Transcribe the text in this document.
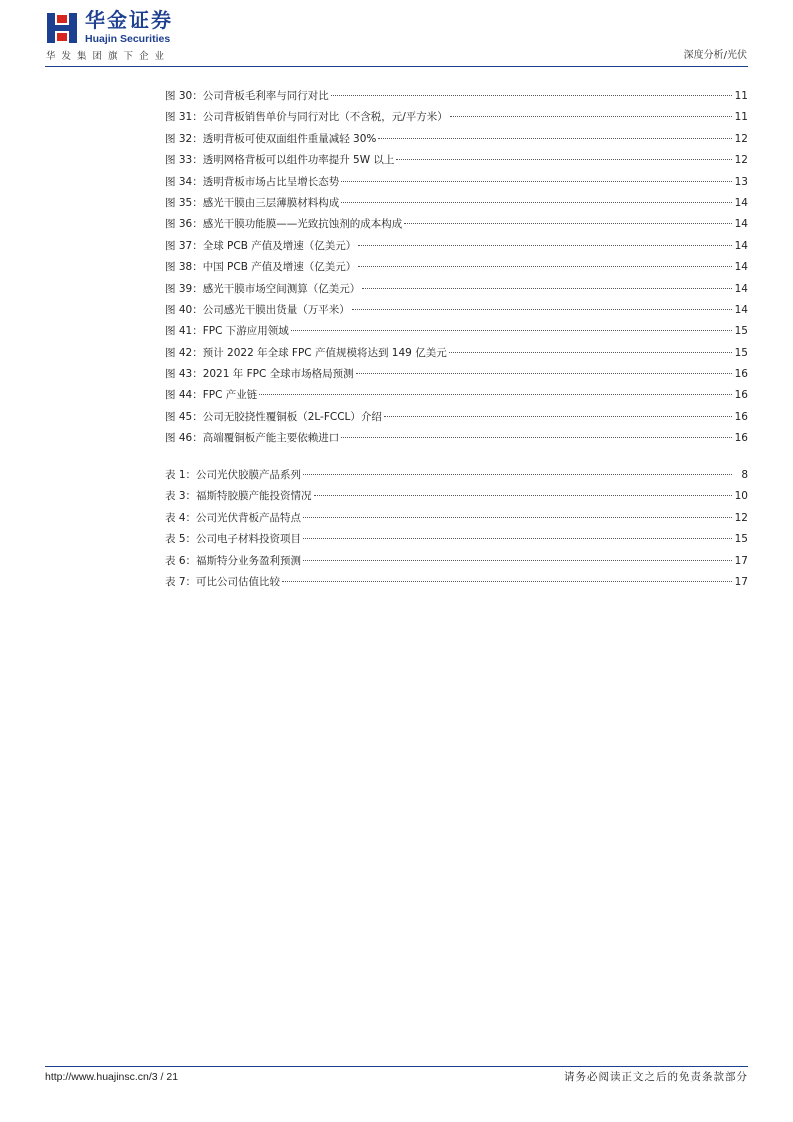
华金证券
Huajin Securities
华发集团旗下企业	深度分析/光伏
图 30：公司背板毛利率与同行对比	11
图 31：公司背板销售单价与同行对比（不含税，元/平方米）	11
图 32：透明背板可使双面组件重量减轻 30%	12
图 33：透明网格背板可以组件功率提升 5W 以上	12
图 34：透明背板市场占比呈增长态势	13
图 35：感光干膜由三层薄膜材料构成	14
图 36：感光干膜功能膜——光致抗蚀剂的成本构成	14
图 37：全球 PCB 产值及增速（亿美元）	14
图 38：中国 PCB 产值及增速（亿美元）	14
图 39：感光干膜市场空间测算（亿美元）	14
图 40：公司感光干膜出货量（万平米）	14
图 41：FPC 下游应用领域	15
图 42：预计 2022 年全球 FPC 产值规模将达到 149 亿美元	15
图 43：2021 年 FPC 全球市场格局预测	16
图 44：FPC 产业链	16
图 45：公司无胶挠性覆铜板（2L-FCCL）介绍	16
图 46：高端覆铜板产能主要依赖进口	16
表 1：公司光伏胶膜产品系列	8
表 3：福斯特胶膜产能投资情况	10
表 4：公司光伏背板产品特点	12
表 5：公司电子材料投资项目	15
表 6：福斯特分业务盈利预测	17
表 7：可比公司估值比较	17
http://www.huajinsc.cn/3 / 21	请务必阅读正文之后的免责条款部分
